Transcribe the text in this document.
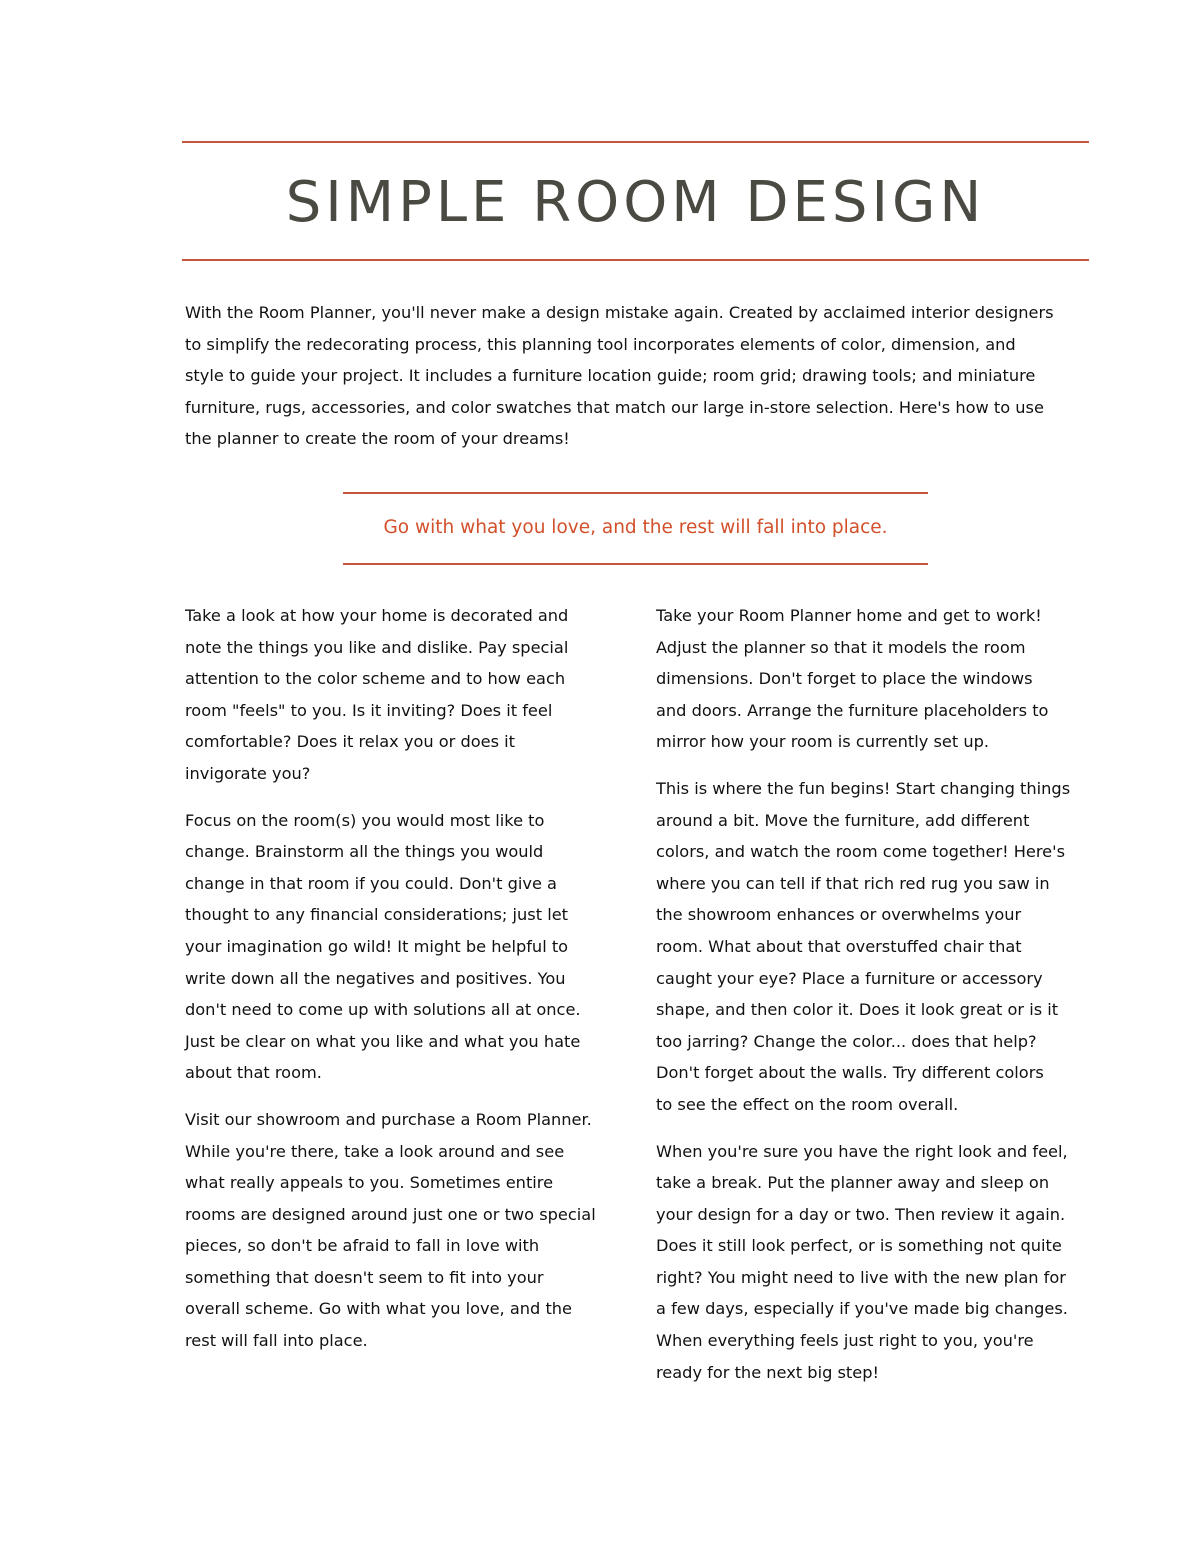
SIMPLE ROOM DESIGN

With the Room Planner, you'll never make a design mistake again. Created by acclaimed interior designers
to simplify the redecorating process, this planning tool incorporates elements of color, dimension, and
style to guide your project. It includes a furniture location guide; room grid; drawing tools; and miniature
furniture, rugs, accessories, and color swatches that match our large in-store selection. Here's how to use
the planner to create the room of your dreams!

Go with what you love, and the rest will fall into place.

Take a look at how your home is decorated and
note the things you like and dislike. Pay special
attention to the color scheme and to how each
room "feels" to you. Is it inviting? Does it feel
comfortable? Does it relax you or does it
invigorate you?

Focus on the room(s) you would most like to
change. Brainstorm all the things you would
change in that room if you could. Don't give a
thought to any financial considerations; just let
your imagination go wild! It might be helpful to
write down all the negatives and positives. You
don't need to come up with solutions all at once.
Just be clear on what you like and what you hate
about that room.

Visit our showroom and purchase a Room Planner.
While you're there, take a look around and see
what really appeals to you. Sometimes entire
rooms are designed around just one or two special
pieces, so don't be afraid to fall in love with
something that doesn't seem to fit into your
overall scheme. Go with what you love, and the
rest will fall into place.

Take your Room Planner home and get to work!
Adjust the planner so that it models the room
dimensions. Don't forget to place the windows
and doors. Arrange the furniture placeholders to
mirror how your room is currently set up.

This is where the fun begins! Start changing things
around a bit. Move the furniture, add different
colors, and watch the room come together! Here's
where you can tell if that rich red rug you saw in
the showroom enhances or overwhelms your
room. What about that overstuffed chair that
caught your eye? Place a furniture or accessory
shape, and then color it. Does it look great or is it
too jarring? Change the color... does that help?
Don't forget about the walls. Try different colors
to see the effect on the room overall.

When you're sure you have the right look and feel,
take a break. Put the planner away and sleep on
your design for a day or two. Then review it again.
Does it still look perfect, or is something not quite
right? You might need to live with the new plan for
a few days, especially if you've made big changes.
When everything feels just right to you, you're
ready for the next big step!
